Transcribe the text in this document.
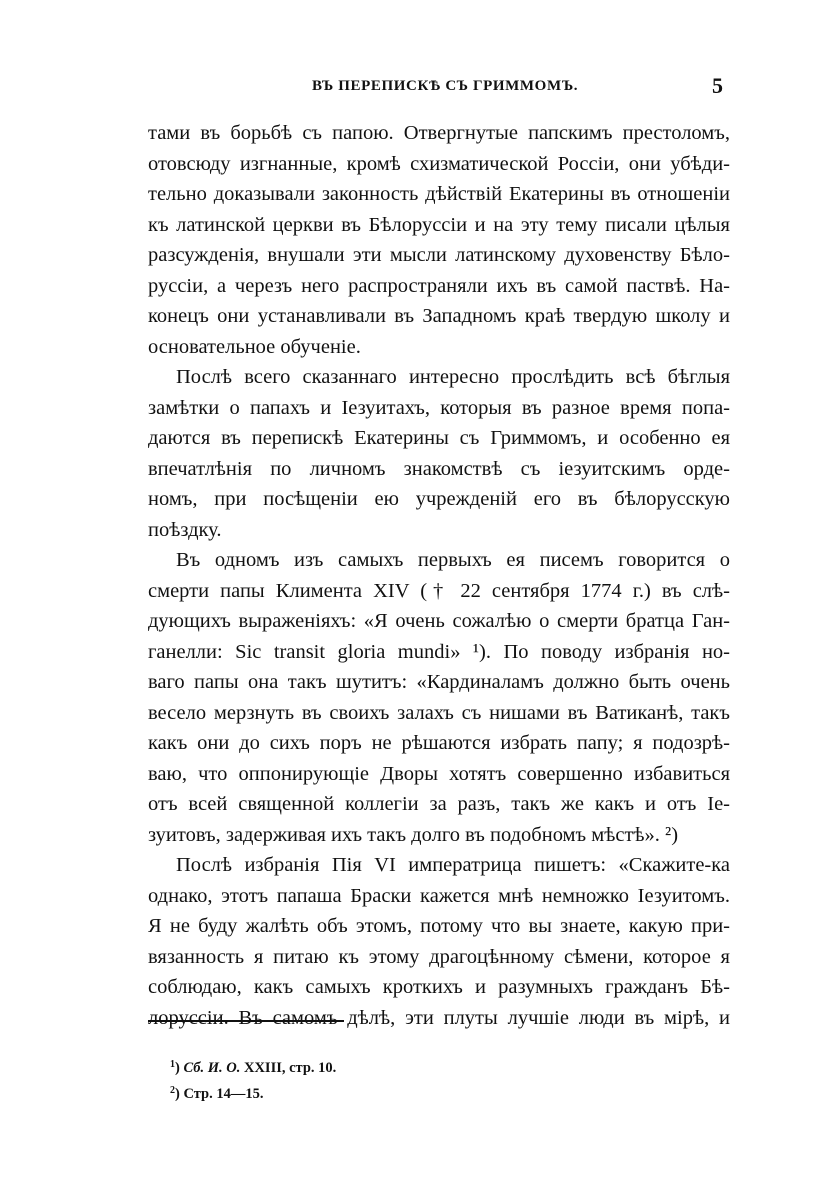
ВЪ ПЕРЕПИСКѢ СЪ ГРИММОМЪ.	5
тами въ борьбѣ съ папою. Отвергнутые папскимъ престоломъ,
отовсюду изгнанные, кромѣ схизматической Россіи, они убѣди-
тельно доказывали законность дѣйствій Екатерины въ отношеніи
къ латинской церкви въ Бѣлоруссіи и на эту тему писали цѣлыя
разсужденія, внушали эти мысли латинскому духовенству Бѣло-
руссіи, а черезъ него распространяли ихъ въ самой паствѣ. На-
конецъ они устанавливали въ Западномъ краѣ твердую школу и
основательное обученіе.
Послѣ всего сказаннаго интересно прослѣдить всѣ бѣглыя
замѣтки о папахъ и Іезуитахъ, которыя въ разное время попа-
даются въ перепискѣ Екатерины съ Гриммомъ, и особенно ея
впечатлѣнія по личномъ знакомствѣ съ іезуитскимъ орде-
номъ, при посѣщеніи ею учрежденій его въ бѣлорусскую
поѣздку.
Въ одномъ изъ самыхъ первыхъ ея писемъ говорится о
смерти папы Климента XIV († 22 сентября 1774 г.) въ слѣ-
дующихъ выраженіяхъ: «Я очень сожалѣю о смерти братца Ган-
ганелли: Sic transit gloria mundi» ¹). По поводу избранія но-
ваго папы она такъ шутитъ: «Кардиналамъ должно быть очень
весело мерзнуть въ своихъ залахъ съ нишами въ Ватиканѣ, такъ
какъ они до сихъ поръ не рѣшаются избрать папу; я подозрѣ-
ваю, что оппонирующіе Дворы хотятъ совершенно избавиться
отъ всей священной коллегіи за разъ, такъ же какъ и отъ Іе-
зуитовъ, задерживая ихъ такъ долго въ подобномъ мѣстѣ». ²)
Послѣ избранія Пія VI императрица пишетъ: «Скажите-ка
однако, этотъ папаша Браски кажется мнѣ немножко Іезуитомъ.
Я не буду жалѣть объ этомъ, потому что вы знаете, какую при-
вязанность я питаю къ этому драгоцѣнному сѣмени, которое я
соблюдаю, какъ самыхъ кроткихъ и разумныхъ гражданъ Бѣ-
лоруссіи. Въ самомъ дѣлѣ, эти плуты лучшіе люди въ мірѣ, и
$^1$) Сб. И. О. XXIII, стр. 10.
$^2$) Стр. 14—15.
